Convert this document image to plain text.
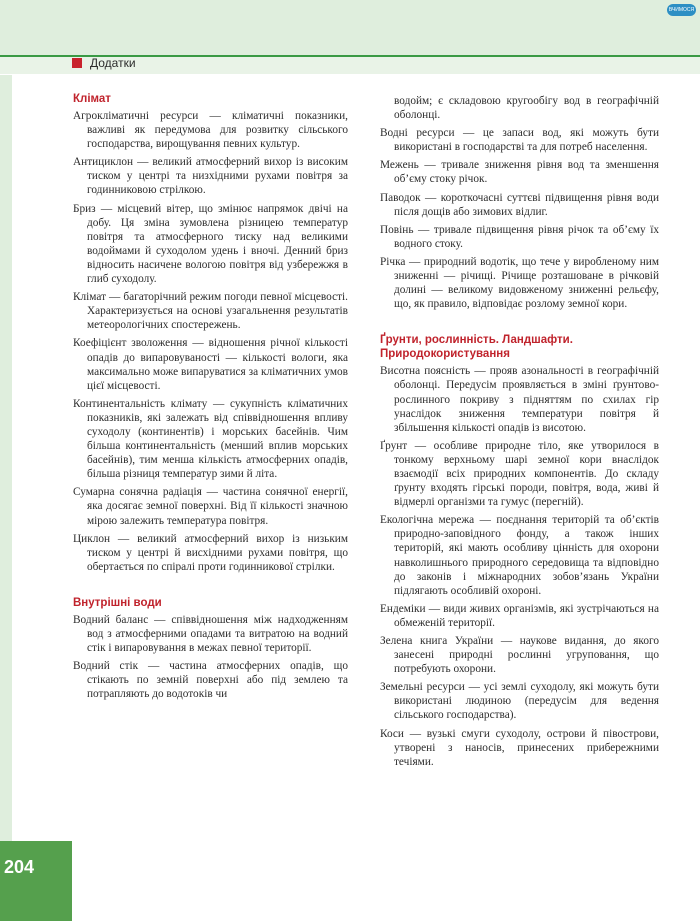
ВЧИМОСЯ
Додатки
204
Клімат

Агрокліматичні ресурси — кліматичні показники, важливі як передумова для розвитку сільського господарства, вирощування певних культур.

Антициклон — великий атмосферний вихор із високим тиском у центрі та низхідними рухами повітря за годинниковою стрілкою.

Бриз — місцевий вітер, що змінює напрямок двічі на добу. Ця зміна зумовлена різницею температур повітря та атмосферного тиску над великими водоймами й суходолом удень і вночі. Денний бриз відносить насичене вологою повітря від узбережжя в глиб суходолу.

Клімат — багаторічний режим погоди певної місцевості. Характеризується на основі узагальнення результатів метеорологічних спостережень.

Коефіцієнт зволоження — відношення річної кількості опадів до випаровуваності — кількості вологи, яка максимально може випаруватися за кліматичних умов цієї місцевості.

Континентальність клімату — сукупність кліматичних показників, які залежать від співвідношення впливу суходолу (континентів) і морських басейнів. Чим більша континентальність (менший вплив морських басейнів), тим менша кількість атмосферних опадів, більша різниця температур зими й літа.

Сумарна сонячна радіація — частина сонячної енергії, яка досягає земної поверхні. Від її кількості значною мірою залежить температура повітря.

Циклон — великий атмосферний вихор із низьким тиском у центрі й висхідними рухами повітря, що обертається по спіралі проти годинникової стрілки.

Внутрішні води

Водний баланс — співвідношення між надходженням вод з атмосферними опадами та витратою на водний стік і випаровування в межах певної території.

Водний стік — частина атмосферних опадів, що стікають по земній поверхні або під землею та потрапляють до водотоків чи

водойм; є складовою кругообігу вод в географічній оболонці.

Водні ресурси — це запаси вод, які можуть бути використані в господарстві та для потреб населення.

Межень — тривале зниження рівня вод та зменшення об’єму стоку річок.

Паводок — короткочасні суттєві підвищення рівня води після дощів або зимових відлиг.

Повінь — тривале підвищення рівня річок та об’єму їх водного стоку.

Річка — природний водотік, що тече у виробленому ним зниженні — річищі. Річище розташоване в річковій долині — великому видовженому зниженні рельєфу, що, як правило, відповідає розлому земної кори.

Ґрунти, рослинність. Ландшафти. Природокористування

Висотна поясність — прояв азональності в географічній оболонці. Передусім проявляється в зміні ґрунтово-рослинного покриву з підняттям по схилах гір унаслідок зниження температури повітря й збільшення кількості опадів із висотою.

Ґрунт — особливе природне тіло, яке утворилося в тонкому верхньому шарі земної кори внаслідок взаємодії всіх природних компонентів. До складу ґрунту входять гірські породи, повітря, вода, живі й відмерлі організми та гумус (перегній).

Екологічна мережа — поєднання територій та об’єктів природно-заповідного фонду, а також інших територій, які мають особливу цінність для охорони навколишнього природного середовища та відповідно до законів і міжнародних зобов’язань України підлягають особливій охороні.

Ендеміки — види живих організмів, які зустрічаються на обмеженій території.

Зелена книга України — наукове видання, до якого занесені природні рослинні угруповання, що потребують охорони.

Земельні ресурси — усі землі суходолу, які можуть бути використані людиною (передусім для ведення сільського господарства).

Коси — вузькі смуги суходолу, острови й півострови, утворені з наносів, принесених прибережними течіями.
